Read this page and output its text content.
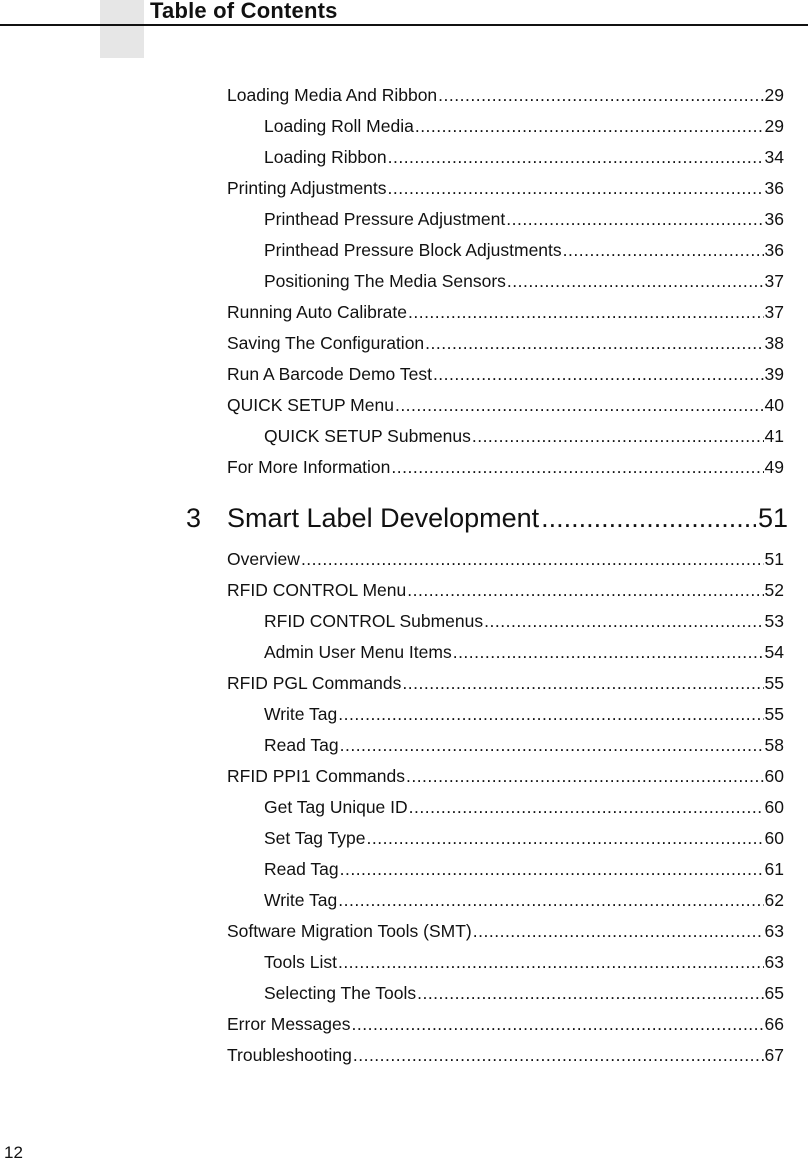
Table of Contents
Loading Media And Ribbon .....	29
Loading Roll Media .....	29
Loading Ribbon .....	34
Printing Adjustments .....	36
Printhead Pressure Adjustment .....	36
Printhead Pressure Block Adjustments .....	36
Positioning The Media Sensors .....	37
Running Auto Calibrate .....	37
Saving The Configuration .....	38
Run A Barcode Demo Test .....	39
QUICK SETUP Menu .....	40
QUICK SETUP Submenus .....	41
For More Information .....	49
3 Smart Label Development .....	51
Overview .....	51
RFID CONTROL Menu .....	52
RFID CONTROL Submenus .....	53
Admin User Menu Items .....	54
RFID PGL Commands .....	55
Write Tag .....	55
Read Tag .....	58
RFID PPI1 Commands .....	60
Get Tag Unique ID .....	60
Set Tag Type .....	60
Read Tag .....	61
Write Tag .....	62
Software Migration Tools (SMT) .....	63
Tools List .....	63
Selecting The Tools .....	65
Error Messages .....	66
Troubleshooting .....	67
12
